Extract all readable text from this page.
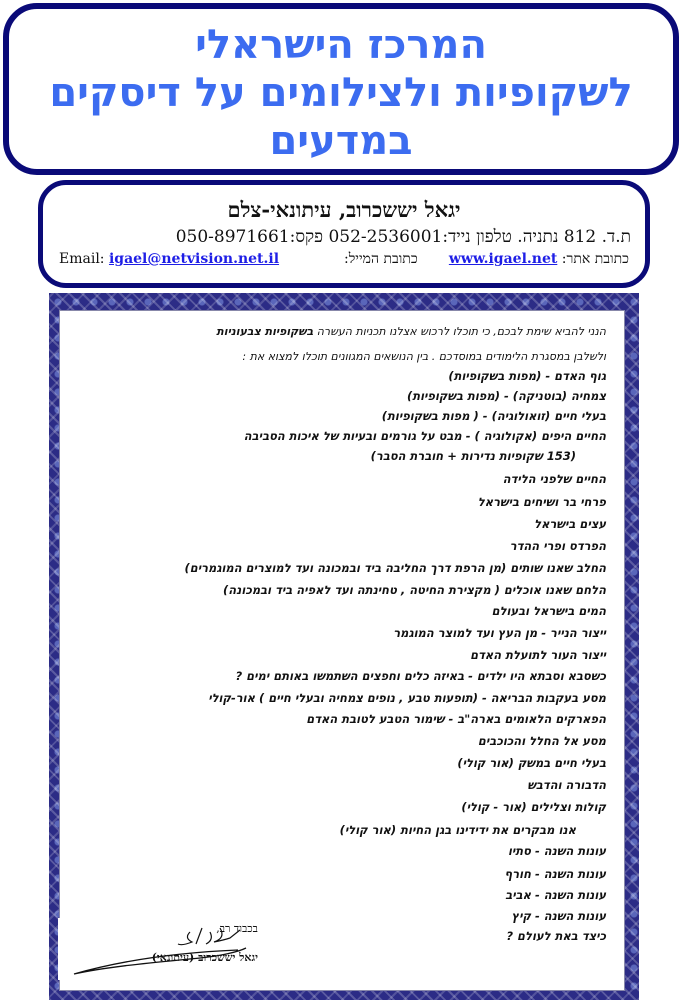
המרכז הישראלי
לשקופיות ולצילומים על דיסקים
במדעים
יגאל יששכרוב, עיתונאי-צלם
ת.ד. 812 נתניה. טלפון נייד:052-2536001 פקס:050-8971661
כתובת אתר: www.igael.net       כתובת המייל:
Email: igael@netvision.net.il
הנני להביא שימת לבכם, כי תוכלו לרכוש אצלנו תכניות העשרה בשקופיות צבעוניות
ולשלבן במסגרת הלימודים במוסדכם . בין הנושאים המגוונים תוכלו למצוא את :
גוף האדם - (מפות בשקופיות)
צמחיה (בוטניקה) - (מפות בשקופיות)
בעלי חיים (זואולוגיה) - ( מפות בשקופיות)
החיים היפים (אקולוגיה ) - מבט על גורמים ובעיות של איכות הסביבה
(153 שקופיות נדירות + חוברת הסבר)
החיים שלפני הלידה
פרחי בר ושיחים בישראל
עצים בישראל
הפרדס ופרי ההדר
החלב שאנו שותים (מן הרפת דרך החליבה ביד ובמכונה ועד למוצרים המוגמרים)
הלחם שאנו אוכלים ( מקצירת החיטה , טחינתה ועד לאפיה ביד ובמכונה)
המים בישראל ובעולם
ייצור הנייר - מן העץ ועד למוצר המוגמר
ייצור העור לתועלת האדם
כשסבא וסבתא היו ילדים - באיזה כלים וחפצים השתמשו באותם ימים ?
מסע בעקבות הבריאה - (תופעות טבע , נופים צמחיה ובעלי חיים ) אור-קולי
הפארקים הלאומים בארה"ב - שימור הטבע לטובת האדם
מסע אל החלל והכוכבים
בעלי חיים במשק (אור קולי)
הדבורה והדבש
קולות וצלילים (אור - קולי)
אנו מבקרים את ידידינו בגן החיות (אור קולי)
עונות השנה - סתיו
עונות השנה - חורף
עונות השנה - אביב
עונות השנה - קיץ
כיצד באת לעולם ?
בכבוד רב,
יגאל יששכרוב (עיתונאי)
